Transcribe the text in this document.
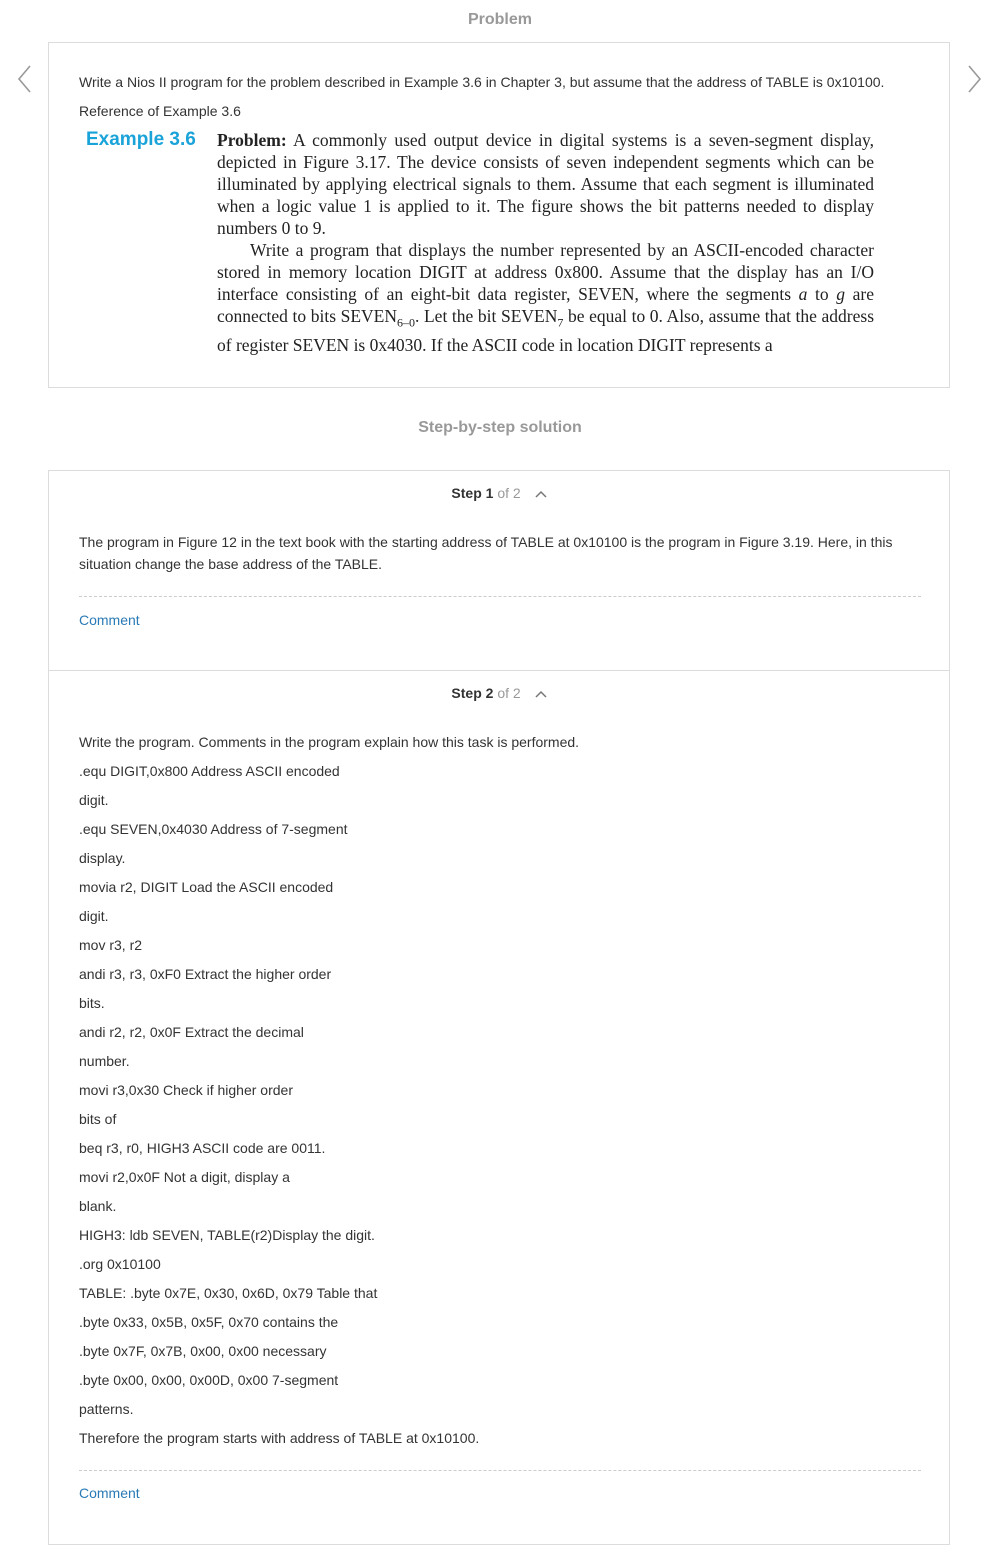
Problem
Write a Nios II program for the problem described in Example 3.6 in Chapter 3, but assume that the address of TABLE is 0x10100.
Reference of Example 3.6
Example 3.6 Problem: A commonly used output device in digital systems is a seven-segment display, depicted in Figure 3.17. The device consists of seven independent segments which can be illuminated by applying electrical signals to them. Assume that each segment is illuminated when a logic value 1 is applied to it. The figure shows the bit patterns needed to display numbers 0 to 9.

Write a program that displays the number represented by an ASCII-encoded character stored in memory location DIGIT at address 0x800. Assume that the display has an I/O interface consisting of an eight-bit data register, SEVEN, where the segments a to g are connected to bits $SEVEN_{6-0}$. Let the bit $SEVEN_7$ be equal to 0. Also, assume that the address of register SEVEN is 0x4030. If the ASCII code in location DIGIT represents a

Step-by-step solution
Step 1 of 2
The program in Figure 12 in the text book with the starting address of TABLE at 0x10100 is the program in Figure 3.19. Here, in this situation change the base address of the TABLE.
Comment
Step 2 of 2
Write the program. Comments in the program explain how this task is performed.
.equ DIGIT,0x800 Address ASCII encoded
digit.
.equ SEVEN,0x4030 Address of 7-segment
display.
movia r2, DIGIT Load the ASCII encoded
digit.
mov r3, r2
andi r3, r3, 0xF0 Extract the higher order
bits.
andi r2, r2, 0x0F Extract the decimal
number.
movi r3,0x30 Check if higher order
bits of
beq r3, r0, HIGH3 ASCII code are 0011.
movi r2,0x0F Not a digit, display a
blank.
HIGH3: ldb SEVEN, TABLE(r2)Display the digit.
.org 0x10100
TABLE: .byte 0x7E, 0x30, 0x6D, 0x79 Table that
.byte 0x33, 0x5B, 0x5F, 0x70 contains the
.byte 0x7F, 0x7B, 0x00, 0x00 necessary
.byte 0x00, 0x00, 0x00D, 0x00 7-segment
patterns.
Therefore the program starts with address of TABLE at 0x10100.
Comment
